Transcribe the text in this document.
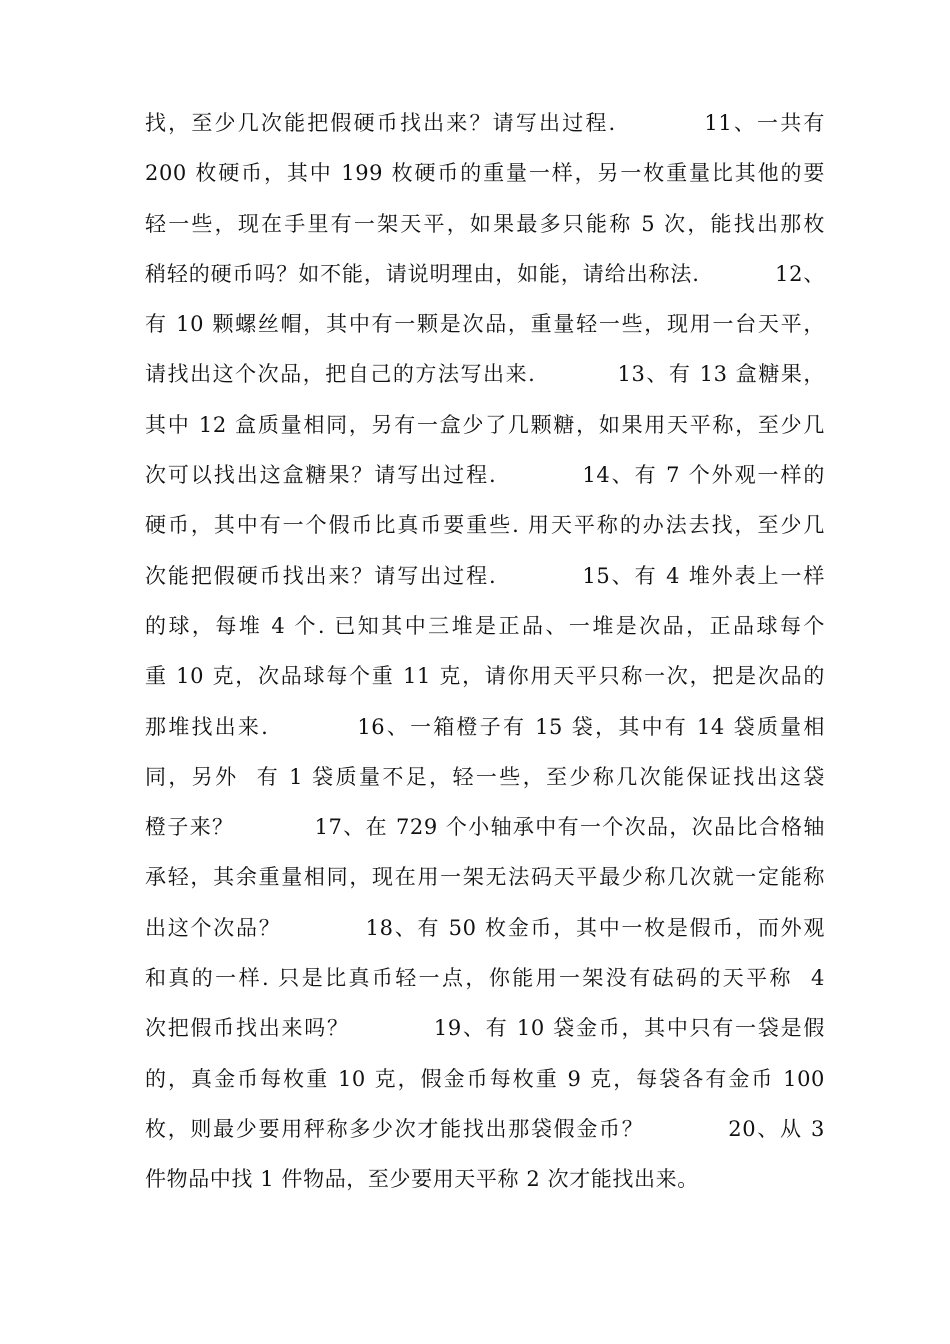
找，至少几次能把假硬币找出来？请写出过程.          11、一共有
200 枚硬币，其中 199 枚硬币的重量一样，另一枚重量比其他的要
轻一些，现在手里有一架天平，如果最多只能称 5 次，能找出那枚
稍轻的硬币吗？如不能，请说明理由，如能，请给出称法.          12、
有 10 颗螺丝帽，其中有一颗是次品，重量轻一些，现用一台天平，
请找出这个次品，把自己的方法写出来.          13、有 13 盒糖果，
其中 12 盒质量相同，另有一盒少了几颗糖，如果用天平称，至少几
次可以找出这盒糖果？请写出过程.          14、有 7 个外观一样的
硬币，其中有一个假币比真币要重些. 用天平称的办法去找，至少几
次能把假硬币找出来？请写出过程.          15、有 4 堆外表上一样
的球，每堆 4 个. 已知其中三堆是正品、一堆是次品，正品球每个
重 10 克，次品球每个重 11 克，请你用天平只称一次，把是次品的
那堆找出来.          16、一箱橙子有 15 袋，其中有 14 袋质量相
同，另外  有 1 袋质量不足，轻一些，至少称几次能保证找出这袋
橙子来？          17、在 729 个小轴承中有一个次品，次品比合格轴
承轻，其余重量相同，现在用一架无法码天平最少称几次就一定能称
出这个次品？          18、有 50 枚金币，其中一枚是假币，而外观
和真的一样. 只是比真币轻一点，你能用一架没有砝码的天平称  4
次把假币找出来吗？          19、有 10 袋金币，其中只有一袋是假
的，真金币每枚重 10 克，假金币每枚重 9 克，每袋各有金币 100
枚，则最少要用秤称多少次才能找出那袋假金币？          20、从 3
件物品中找 1 件物品，至少要用天平称 2 次才能找出来。
